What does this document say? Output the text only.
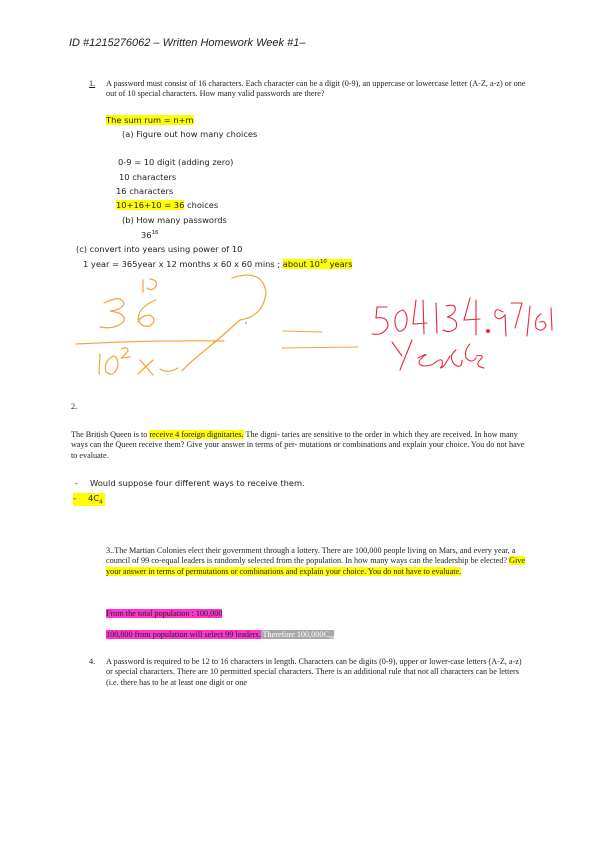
ID #1215276062 – Written Homework Week #1–
1. A password must consist of 16 characters. Each character can be a digit (0-9), an uppercase or lowercase letter (A-Z, a-z) or one out of 10 special characters. How many valid passwords are there?
The sum rum = n+m
(a) Figure out how many choices
0-9 = 10 digit (adding zero)
10 characters
16 characters
10+16+10 = 36 choices
(b) How many passwords
$36^{16}$
(c) convert into years using power of 10
1 year = 365year x 12 months x 60 x 60 mins ; about $10^{10}$ years
2.
The British Queen is to receive 4 foreign dignitaries. The digni- taries are sensitive to the order in which they are received. In how many ways can the Queen receive them? Give your answer in terms of per- mutations or combinations and explain your choice. You do not have to evaluate.
- Would suppose four different ways to receive them.
- $4C_4$
3..The Martian Colonies elect their government through a lottery. There are 100,000 people living on Mars, and every year, a council of 99 co-equal leaders is randomly selected from the population. In how many ways can the leadership be elected? Give your answer in terms of permutations or combinations and explain your choice. You do not have to evaluate.
From the total population : 100,000
100,000 from population will select 99 leaders. Therefore $100,000C_{99}$
4. A password is required to be 12 to 16 characters in length. Characters can be digits (0-9), upper or lower-case letters (A-Z, a-z) or special characters. There are 10 permitted special characters. There is an additional rule that not all characters can be letters (i.e. there has to be at least one digit or one
